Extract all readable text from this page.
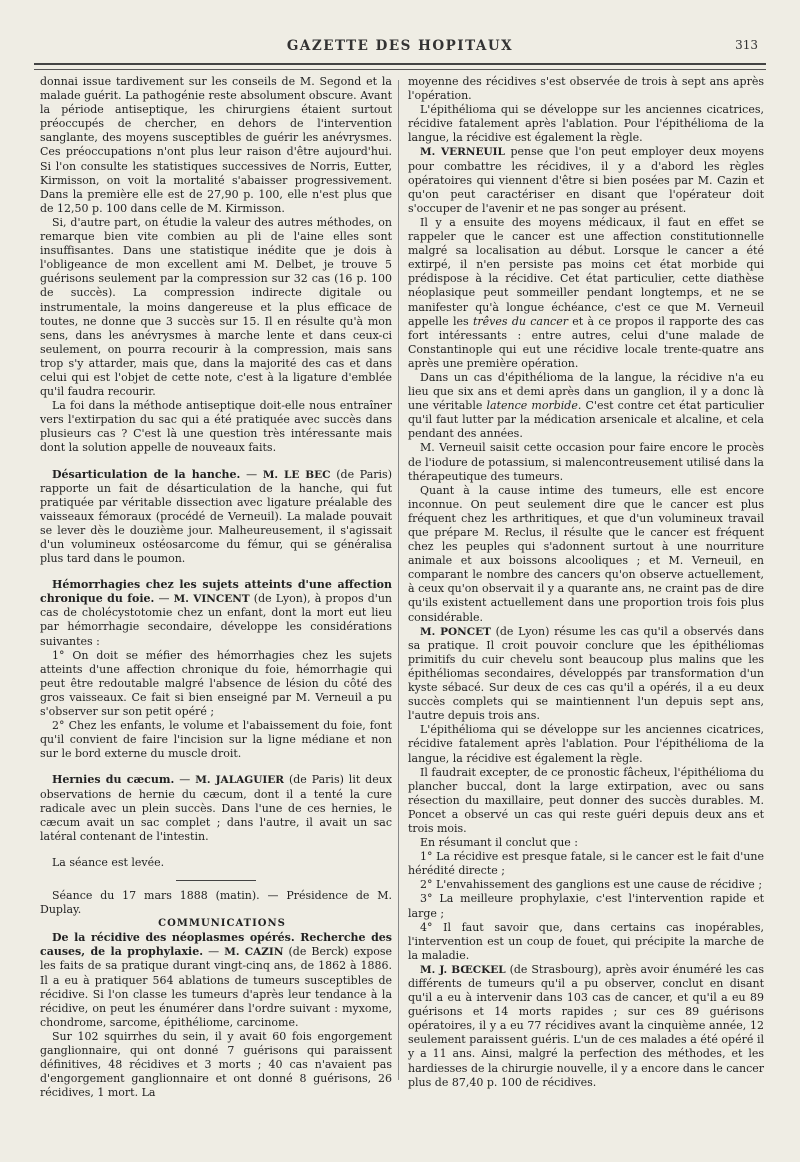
GAZETTE DES HOPITAUX	313

donnai issue tardivement sur les conseils de M. Segond et la malade guérit. La pathogénie reste absolument obscure. Avant la période antiseptique, les chirurgiens étaient surtout préoccupés de chercher, en dehors de l'intervention sanglante, des moyens susceptibles de guérir les anévrysmes. Ces préoccupations n'ont plus leur raison d'être aujourd'hui. Si l'on consulte les statistiques successives de Norris, Eutter, Kirmisson, on voit la mortalité s'abaisser progressivement. Dans la première elle est de 27,90 p. 100, elle n'est plus que de 12,50 p. 100 dans celle de M. Kirmisson.

Si, d'autre part, on étudie la valeur des autres méthodes, on remarque bien vite combien au pli de l'aine elles sont insuffisantes. Dans une statistique inédite que je dois à l'obligeance de mon excellent ami M. Delbet, je trouve 5 guérisons seulement par la compression sur 32 cas (16 p. 100 de succès). La compression indirecte digitale ou instrumentale, la moins dangereuse et la plus efficace de toutes, ne donne que 3 succès sur 15. Il en résulte qu'à mon sens, dans les anévrysmes à marche lente et dans ceux-ci seulement, on pourra recourir à la compression, mais sans trop s'y attarder, mais que, dans la majorité des cas et dans celui qui est l'objet de cette note, c'est à la ligature d'emblée qu'il faudra recourir.

La foi dans la méthode antiseptique doit-elle nous entraîner vers l'extirpation du sac qui a été pratiquée avec succès dans plusieurs cas ? C'est là une question très intéressante mais dont la solution appelle de nouveaux faits.

Désarticulation de la hanche. — M. LE BEC (de Paris) rapporte un fait de désarticulation de la hanche, qui fut pratiquée par véritable dissection avec ligature préalable des vaisseaux fémoraux (procédé de Verneuil). La malade pouvait se lever dès le douzième jour. Malheureusement, il s'agissait d'un volumineux ostéosarcome du fémur, qui se généralisa plus tard dans le poumon.

Hémorrhagies chez les sujets atteints d'une affection chronique du foie. — M. VINCENT (de Lyon), à propos d'un cas de cholécystotomie chez un enfant, dont la mort eut lieu par hémorrhagie secondaire, développe les considérations suivantes :

1° On doit se méfier des hémorrhagies chez les sujets atteints d'une affection chronique du foie, hémorrhagie qui peut être redoutable malgré l'absence de lésion du côté des gros vaisseaux. Ce fait si bien enseigné par M. Verneuil a pu s'observer sur son petit opéré ;

2° Chez les enfants, le volume et l'abaissement du foie, font qu'il convient de faire l'incision sur la ligne médiane et non sur le bord externe du muscle droit.

Hernies du cæcum. — M. JALAGUIER (de Paris) lit deux observations de hernie du cæcum, dont il a tenté la cure radicale avec un plein succès. Dans l'une de ces hernies, le cæcum avait un sac complet ; dans l'autre, il avait un sac latéral contenant de l'intestin.

La séance est levée.

Séance du 17 mars 1888 (matin). — Présidence de M. Duplay.

COMMUNICATIONS

De la récidive des néoplasmes opérés. Recherche des causes, de la prophylaxie. — M. CAZIN (de Berck) expose les faits de sa pratique durant vingt-cinq ans, de 1862 à 1886. Il a eu à pratiquer 564 ablations de tumeurs susceptibles de récidive. Si l'on classe les tumeurs d'après leur tendance à la récidive, on peut les énumérer dans l'ordre suivant : myxome, chondrome, sarcome, épithéliome, carcinome.

Sur 102 squirrhes du sein, il y avait 60 fois engorgement ganglionnaire, qui ont donné 7 guérisons qui paraissent définitives, 48 récidives et 3 morts ; 40 cas n'avaient pas d'engorgement ganglionnaire et ont donné 8 guérisons, 26 récidives, 1 mort. La

moyenne des récidives s'est observée de trois à sept ans après l'opération.

L'épithélioma qui se développe sur les anciennes cicatrices, récidive fatalement après l'ablation. Pour l'épithélioma de la langue, la récidive est également la règle.

M. VERNEUIL pense que l'on peut employer deux moyens pour combattre les récidives, il y a d'abord les règles opératoires qui viennent d'être si bien posées par M. Cazin et qu'on peut caractériser en disant que l'opérateur doit s'occuper de l'avenir et ne pas songer au présent.

Il y a ensuite des moyens médicaux, il faut en effet se rappeler que le cancer est une affection constitutionnelle malgré sa localisation au début. Lorsque le cancer a été extirpé, il n'en persiste pas moins cet état morbide qui prédispose à la récidive. Cet état particulier, cette diathèse néoplasique peut sommeiller pendant longtemps, et ne se manifester qu'à longue échéance, c'est ce que M. Verneuil appelle les trêves du cancer et à ce propos il rapporte des cas fort intéressants : entre autres, celui d'une malade de Constantinople qui eut une récidive locale trente-quatre ans après une première opération.

Dans un cas d'épithélioma de la langue, la récidive n'a eu lieu que six ans et demi après dans un ganglion, il y a donc là une véritable latence morbide. C'est contre cet état particulier qu'il faut lutter par la médication arsenicale et alcaline, et cela pendant des années.

M. Verneuil saisit cette occasion pour faire encore le procès de l'iodure de potassium, si malencontreusement utilisé dans la thérapeutique des tumeurs.

Quant à la cause intime des tumeurs, elle est encore inconnue. On peut seulement dire que le cancer est plus fréquent chez les arthritiques, et que d'un volumineux travail que prépare M. Reclus, il résulte que le cancer est fréquent chez les peuples qui s'adonnent surtout à une nourriture animale et aux boissons alcooliques ; et M. Verneuil, en comparant le nombre des cancers qu'on observe actuellement, à ceux qu'on observait il y a quarante ans, ne craint pas de dire qu'ils existent actuellement dans une proportion trois fois plus considérable.

M. PONCET (de Lyon) résume les cas qu'il a observés dans sa pratique. Il croit pouvoir conclure que les épithéliomas primitifs du cuir chevelu sont beaucoup plus malins que les épithéliomas secondaires, développés par transformation d'un kyste sébacé. Sur deux de ces cas qu'il a opérés, il a eu deux succès complets qui se maintiennent l'un depuis sept ans, l'autre depuis trois ans.

L'épithélioma qui se développe sur les anciennes cicatrices, récidive fatalement après l'ablation. Pour l'épithélioma de la langue, la récidive est également la règle.

Il faudrait excepter, de ce pronostic fâcheux, l'épithélioma du plancher buccal, dont la large extirpation, avec ou sans résection du maxillaire, peut donner des succès durables. M. Poncet a observé un cas qui reste guéri depuis deux ans et trois mois.

En résumant il conclut que :

1° La récidive est presque fatale, si le cancer est le fait d'une hérédité directe ;

2° L'envahissement des ganglions est une cause de récidive ;

3° La meilleure prophylaxie, c'est l'intervention rapide et large ;

4° Il faut savoir que, dans certains cas inopérables, l'intervention est un coup de fouet, qui précipite la marche de la maladie.

M. J. BŒCKEL (de Strasbourg), après avoir énuméré les cas différents de tumeurs qu'il a pu observer, conclut en disant qu'il a eu à intervenir dans 103 cas de cancer, et qu'il a eu 89 guérisons et 14 morts rapides ; sur ces 89 guérisons opératoires, il y a eu 77 récidives avant la cinquième année, 12 seulement paraissent guéris. L'un de ces malades a été opéré il y a 11 ans. Ainsi, malgré la perfection des méthodes, et les hardiesses de la chirurgie nouvelle, il y a encore dans le cancer plus de 87,40 p. 100 de récidives.
